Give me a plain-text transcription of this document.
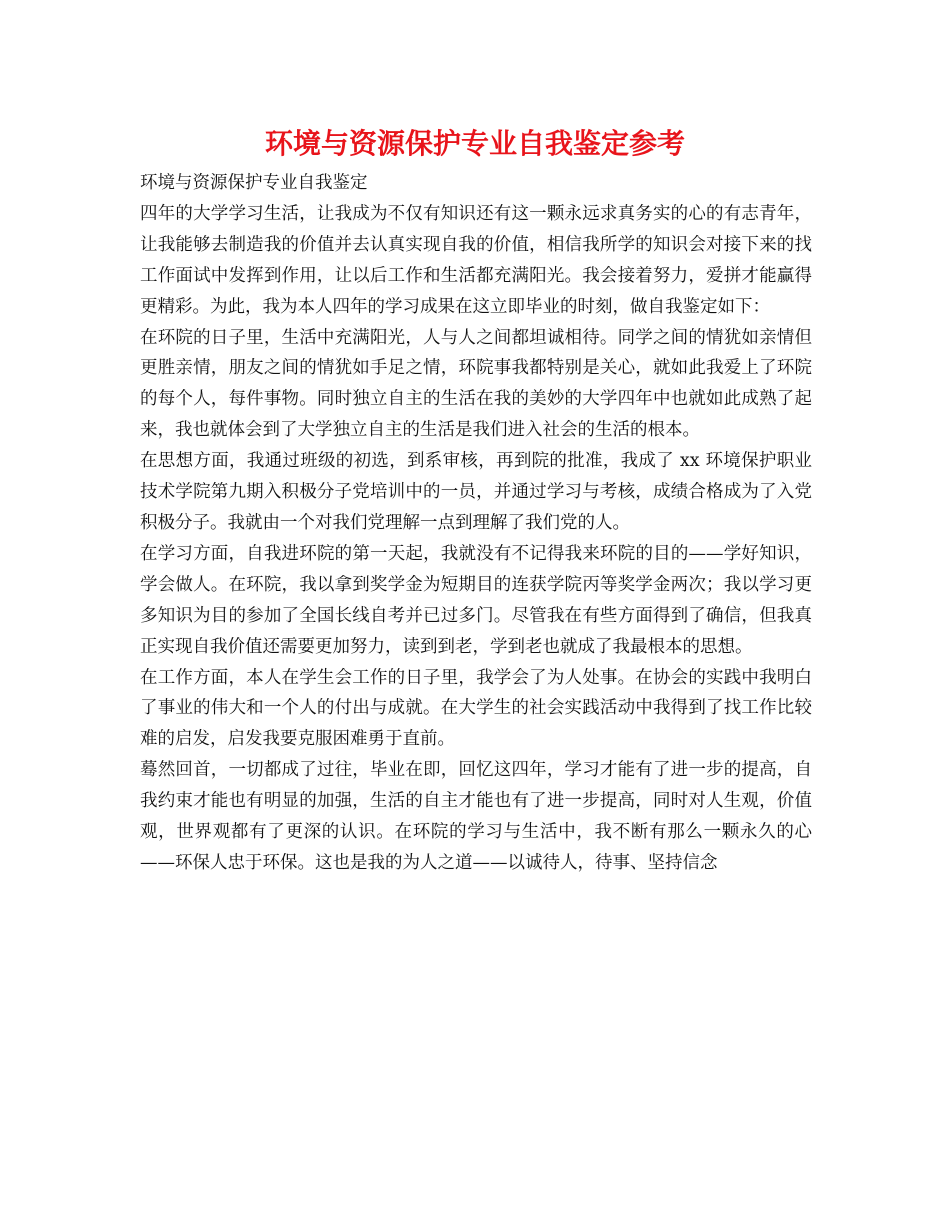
环境与资源保护专业自我鉴定参考

环境与资源保护专业自我鉴定

四年的大学学习生活，让我成为不仅有知识还有这一颗永远求真务实的心的有志青年，让我能够去制造我的价值并去认真实现自我的价值，相信我所学的知识会对接下来的找工作面试中发挥到作用，让以后工作和生活都充满阳光。我会接着努力，爱拼才能赢得更精彩。为此，我为本人四年的学习成果在这立即毕业的时刻，做自我鉴定如下：

在环院的日子里，生活中充满阳光，人与人之间都坦诚相待。同学之间的情犹如亲情但更胜亲情，朋友之间的情犹如手足之情，环院事我都特别是关心，就如此我爱上了环院的每个人，每件事物。同时独立自主的生活在我的美妙的大学四年中也就如此成熟了起来，我也就体会到了大学独立自主的生活是我们进入社会的生活的根本。

在思想方面，我通过班级的初选，到系审核，再到院的批准，我成了 xx 环境保护职业技术学院第九期入积极分子党培训中的一员，并通过学习与考核，成绩合格成为了入党积极分子。我就由一个对我们党理解一点到理解了我们党的人。

在学习方面，自我进环院的第一天起，我就没有不记得我来环院的目的——学好知识，学会做人。在环院，我以拿到奖学金为短期目的连获学院丙等奖学金两次；我以学习更多知识为目的参加了全国长线自考并已过多门。尽管我在有些方面得到了确信，但我真正实现自我价值还需要更加努力，读到到老，学到老也就成了我最根本的思想。

在工作方面，本人在学生会工作的日子里，我学会了为人处事。在协会的实践中我明白了事业的伟大和一个人的付出与成就。在大学生的社会实践活动中我得到了找工作比较难的启发，启发我要克服困难勇于直前。

蓦然回首，一切都成了过往，毕业在即，回忆这四年，学习才能有了进一步的提高，自我约束才能也有明显的加强，生活的自主才能也有了进一步提高，同时对人生观，价值观，世界观都有了更深的认识。在环院的学习与生活中，我不断有那么一颗永久的心——环保人忠于环保。这也是我的为人之道——以诚待人，待事、坚持信念
